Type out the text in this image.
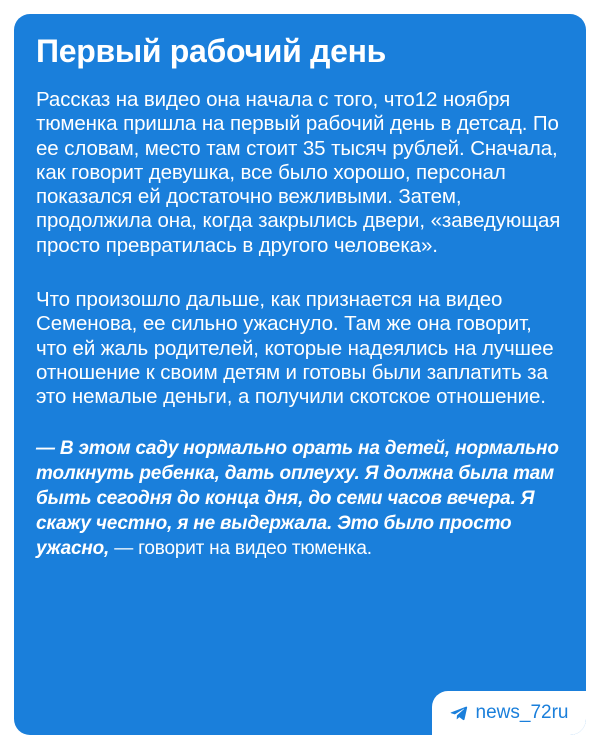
Первый рабочий день

Рассказ на видео она начала с того, что12 ноября тюменка пришла на первый рабочий день в детсад. По ее словам, место там стоит 35 тысяч рублей. Сначала, как говорит девушка, все было хорошо, персонал показался ей достаточно вежливыми. Затем, продолжила она, когда закрылись двери, «заведующая просто превратилась в другого человека».

Что произошло дальше, как признается на видео Семенова, ее сильно ужаснуло. Там же она говорит, что ей жаль родителей, которые надеялись на лучшее отношение к своим детям и готовы были заплатить за это немалые деньги, а получили скотское отношение.

— В этом саду нормально орать на детей, нормально толкнуть ребенка, дать оплеуху. Я должна была там быть сегодня до конца дня, до семи часов вечера. Я скажу честно, я не выдержала. Это было просто ужасно, — говорит на видео тюменка.
news_72ru
